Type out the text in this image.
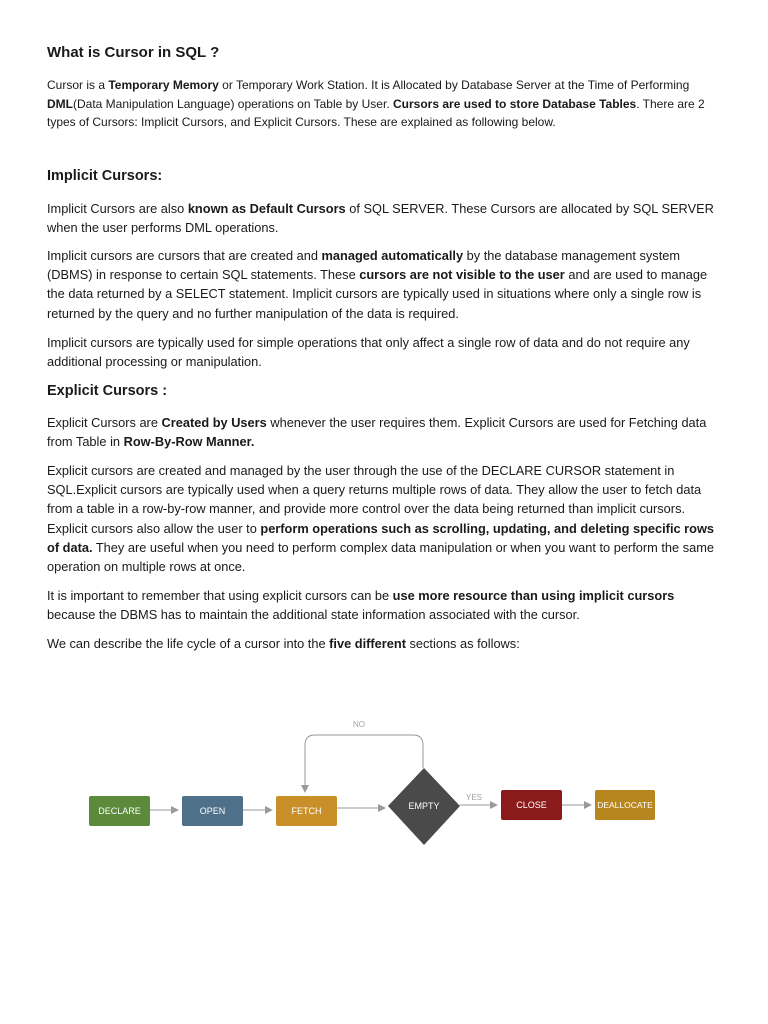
What is Cursor in SQL ?

Cursor is a Temporary Memory or Temporary Work Station. It is Allocated by Database Server at the Time of Performing DML(Data Manipulation Language) operations on Table by User. Cursors are used to store Database Tables. There are 2 types of Cursors: Implicit Cursors, and Explicit Cursors. These are explained as following below.

Implicit Cursors:

Implicit Cursors are also known as Default Cursors of SQL SERVER. These Cursors are allocated by SQL SERVER when the user performs DML operations.

Implicit cursors are cursors that are created and managed automatically by the database management system (DBMS) in response to certain SQL statements. These cursors are not visible to the user and are used to manage the data returned by a SELECT statement. Implicit cursors are typically used in situations where only a single row is returned by the query and no further manipulation of the data is required.

Implicit cursors are typically used for simple operations that only affect a single row of data and do not require any additional processing or manipulation.

Explicit Cursors :

Explicit Cursors are Created by Users whenever the user requires them. Explicit Cursors are used for Fetching data from Table in Row-By-Row Manner.

Explicit cursors are created and managed by the user through the use of the DECLARE CURSOR statement in SQL.Explicit cursors are typically used when a query returns multiple rows of data. They allow the user to fetch data from a table in a row-by-row manner, and provide more control over the data being returned than implicit cursors. Explicit cursors also allow the user to perform operations such as scrolling, updating, and deleting specific rows of data. They are useful when you need to perform complex data manipulation or when you want to perform the same operation on multiple rows at once.

It is important to remember that using explicit cursors can be use more resource than using implicit cursors because the DBMS has to maintain the additional state information associated with the cursor.

We can describe the life cycle of a cursor into the five different sections as follows:

NO
YES
DECLARE	OPEN	FETCH	EMPTY	CLOSE	DEALLOCATE
